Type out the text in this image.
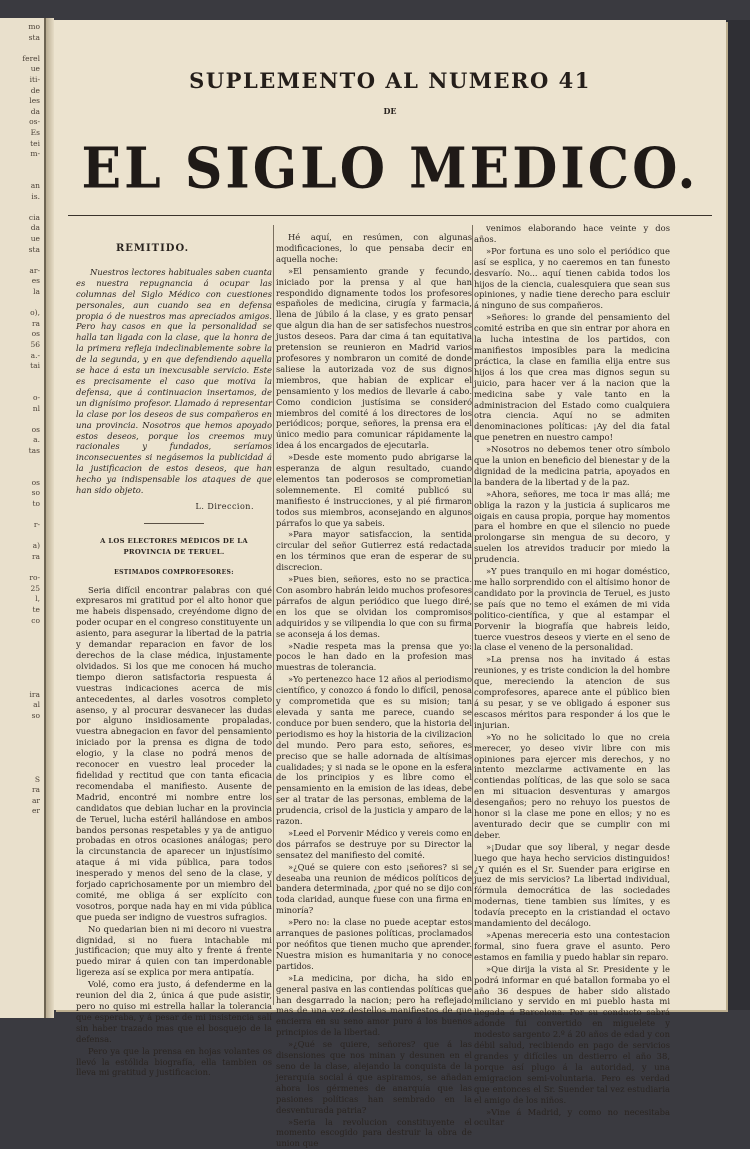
mo
sta
ferel
ue
iti-
de
les
da
os-
Es
tei
m-
an
is.
cia
da
ue
sta
ar-
es
la
o),
ra
os
56
a.-
tai
o-
nl
os
a.
tas
os
so
to
r-
a)
ra
ro-
25
l,
te
co
ira
al
so
S
ra
ar
er
SUPLEMENTO AL NUMERO 41
DE
EL SIGLO MEDICO.
REMITIDO.

Nuestros lectores habituales saben cuanta es nuestra repugnancia á ocupar las columnas del Siglo Médico con cuestiones personales, aun cuando sea en defensa propia ó de nuestros mas apreciados amigos. Pero hay casos en que la personalidad se halla tan ligada con la clase, que la honra de la primera refleja indeclinablemente sobre la de la segunda, y en que defendiendo aquella se hace á esta un inexcusable servicio. Este es precisamente el caso que motiva la defensa, que á continuacion insertamos, de un dignísimo profesor. Llamado á representar la clase por los deseos de sus compañeros en una provincia. Nosotros que hemos apoyado estos deseos, porque los creemos muy racionales y fundados, seríamos inconsecuentes si negásemos la publicidad á la justificacion de estos deseos, que han hecho ya indispensable los ataques de que han sido objeto.

L. Direccion.
A LOS ELECTORES MÉDICOS DE LA PROVINCIA DE TERUEL.
ESTIMADOS COMPROFESORES:

Seria difícil encontrar palabras con qué expresaros mi gratitud por el alto honor que me habeis dispensado, creyéndome digno de poder ocupar en el congreso constituyente un asiento, para asegurar la libertad de la patria y demandar reparacion en favor de los derechos de la clase médica, injustamente olvidados. Si los que me conocen há mucho tiempo dieron satisfactoria respuesta á vuestras indicaciones acerca de mis antecedentes, al darles vosotros completo asenso, y al procurar desvanecer las dudas por alguno insidiosamente propaladas, vuestra abnegacion en favor del pensamiento iniciado por la prensa es digna de todo elogio, y la clase no podrá menos de reconocer en vuestro leal proceder la fidelidad y rectitud que con tanta eficacia recomendaba el manifiesto. Ausente de Madrid, encontré mi nombre entre los candidatos que debian luchar en la provincia de Teruel, lucha estéril hallándose en ambos bandos personas respetables y ya de antiguo probadas en otros ocasiones análogas; pero la circunstancia de aparecer un injustísimo ataque á mi vida pública, para todos inesperado y menos del seno de la clase, y forjado caprichosamente por un miembro del comité, me obliga á ser explícito con vosotros, porque nada hay en mi vida pública que pueda ser indigno de vuestros sufragios.

No quedarian bien ni mi decoro ni vuestra dignidad, si no fuera intachable mi justificacion; que muy alto y frente á frente puedo mirar á quien con tan imperdonable ligereza así se explica por mera antipatía.

Volé, como era justo, á defenderme en la reunion del dia 2, única á que pude asistir, pero no quiso mi estrella hallar la tolerancia que esperaba, y á pesar de mi insistencia salí sin haber trazado mas que el bosquejo de la defensa.

Pero ya que la prensa en hojas volantes os llevó la estólida biografía, ella tambien os lleva mi gratitud y justificacion.

Hé aquí, en resúmen, con algunas modificaciones, lo que pensaba decir en aquella noche:

»El pensamiento grande y fecundo, iniciado por la prensa y al que han respondido dignamente todos los profesores españoles de medicina, cirugía y farmacia, llena de júbilo á la clase, y es grato pensar que algun dia han de ser satisfechos nuestros justos deseos. Para dar cima á tan equitativa pretension se reunieron en Madrid varios profesores y nombraron un comité de donde saliese la autorizada voz de sus dignos miembros, que habian de explicar el pensamiento y los medios de llevarle á cabo. Como condicion justísima se consideró miembros del comité á los directores de los periódicos; porque, señores, la prensa era el único medio para comunicar rápidamente la idea á los encargados de ejecutarla.

»Desde este momento pudo abrigarse la esperanza de algun resultado, cuando elementos tan poderosos se comprometian solemnemente. El comité publicó su manifiesto é instrucciones, y al pié firmaron todos sus miembros, aconsejando en algunos párrafos lo que ya sabeis.

»Para mayor satisfaccion, la sentida circular del señor Gutierrez está redactada en los términos que eran de esperar de su discrecion.

»Pues bien, señores, esto no se practica. Con asombro habrán leido muchos profesores párrafos de algun periódico que luego diré, en los que se olvidan los compromisos adquiridos y se vilipendia lo que con su firma se aconseja á los demas.

»Nadie respeta mas la prensa que yo: pocos le han dado en la profesion mas muestras de tolerancia.

»Yo pertenezco hace 12 años al periodismo científico, y conozco á fondo lo difícil, penosa y comprometida que es su mision; tan elevada y santa me parece, cuando se conduce por buen sendero, que la historia del periodismo es hoy la historia de la civilizacion del mundo. Pero para esto, señores, es preciso que se halle adornada de altísimas cualidades; y si nada se le opone en la esfera de los principios y es libre como el pensamiento en la emision de las ideas, debe ser al tratar de las personas, emblema de la prudencia, crisol de la justicia y amparo de la razon.

»Leed el Porvenir Médico y vereis como en dos párrafos se destruye por su Director la sensatez del manifiesto del comité.

»¿Qué se quiere con esto ¡señores? si se deseaba una reunion de médicos políticos de bandera determinada, ¿por qué no se dijo con toda claridad, aunque fuese con una firma en minoría?

»Pero no: la clase no puede aceptar estos arranques de pasiones políticas, proclamados por neófitos que tienen mucho que aprender. Nuestra mision es humanitaria y no conoce partidos.

»La medicina, por dicha, ha sido en general pasiva en las contiendas políticas que han desgarrado la nacion; pero ha reflejado mas de una vez destellos manifiestos de que encierra en su seno amor puro á los buenos principios de la libertad.

»¿Qué se quiere, señores? que á las disensiones que nos minan y desunen en el seno de la clase, alejando la conquista de la jerarquía social á que aspiramos, se añadan ahora los gérmenes de anarquía que las pasiones políticas han sembrado en la desventurada patria?

»Seria la revolucion constituyente el momento escogido para destruir la obra de union que

venimos elaborando hace veinte y dos años.

»Por fortuna es uno solo el periódico que así se esplica, y no caeremos en tan funesto desvarío. No... aquí tienen cabida todos los hijos de la ciencia, cualesquiera que sean sus opiniones, y nadie tiene derecho para escluir á ninguno de sus compañeros.

»Señores: lo grande del pensamiento del comité estriba en que sin entrar por ahora en la lucha intestina de los partidos, con manifiestos imposibles para la medicina práctica, la clase en familia elija entre sus hijos á los que crea mas dignos segun su juicio, para hacer ver á la nacion que la medicina sabe y vale tanto en la administracion del Estado como cualquiera otra ciencia. Aquí no se admiten denominaciones políticas: ¡Ay del dia fatal que penetren en nuestro campo!

»Nosotros no debemos tener otro símbolo que la union en beneficio del bienestar y de la dignidad de la medicina patria, apoyados en la bandera de la libertad y de la paz.

»Ahora, señores, me toca ir mas allá; me obliga la razon y la justicia á suplicaros me oigais en causa propia, porque hay momentos para el hombre en que el silencio no puede prolongarse sin mengua de su decoro, y suelen los atrevidos traducir por miedo la prudencia.

»Y pues tranquilo en mi hogar doméstico, me hallo sorprendido con el altísimo honor de candidato por la provincia de Teruel, es justo se país que no temo el exámen de mi vida politico-científica, y que al estampar el Porvenir la biografía que habreis leido, tuerce vuestros deseos y vierte en el seno de la clase el veneno de la personalidad.

»La prensa nos ha invitado á estas reuniones, y es triste condicion la del hombre que, mereciendo la atencion de sus comprofesores, aparece ante el público bien á su pesar, y se ve obligado á esponer sus escasos méritos para responder á los que le injurian.

»Yo no he solicitado lo que no creia merecer, yo deseo vivir libre con mis opiniones para ejercer mis derechos, y no intento mezclarme activamente en las contiendas políticas, de las que solo se saca en mi situacion desventuras y amargos desengaños; pero no rehuyo los puestos de honor si la clase me pone en ellos; y no es aventurado decir que se cumplir con mi deber.

»¡Dudar que soy liberal, y negar desde luego que haya hecho servicios distinguidos! ¿Y quién es el Sr. Suender para erigirse en juez de mis servicios? La libertad individual, fórmula democrática de las sociedades modernas, tiene tambien sus límites, y es todavía precepto en la cristiandad el octavo mandamiento del decálogo.

»Apenas mereceria esto una contestacion formal, sino fuera grave el asunto. Pero estamos en familia y puedo hablar sin reparo.

»Que dirija la vista al Sr. Presidente y le podrá informar en qué batallon formaba yo el año 36 despues de haber sido alistado miliciano y servido en mi pueblo hasta mi llegada á Barcelona. Por su conducto sabrá adonde fui convertido en miguelete y modesto sargento 2.º á 20 años de edad y con débil salud, recibiendo en pago de servicios grandes y difíciles un destierro el año 38, porque así plugo á la autoridad, y una emigracion semi-voluntaria. Pero es verdad que entonces el Sr. Suender tal vez estudiaria el amigo de los niños.

»Vine á Madrid, y como no necesitaba ocultar
